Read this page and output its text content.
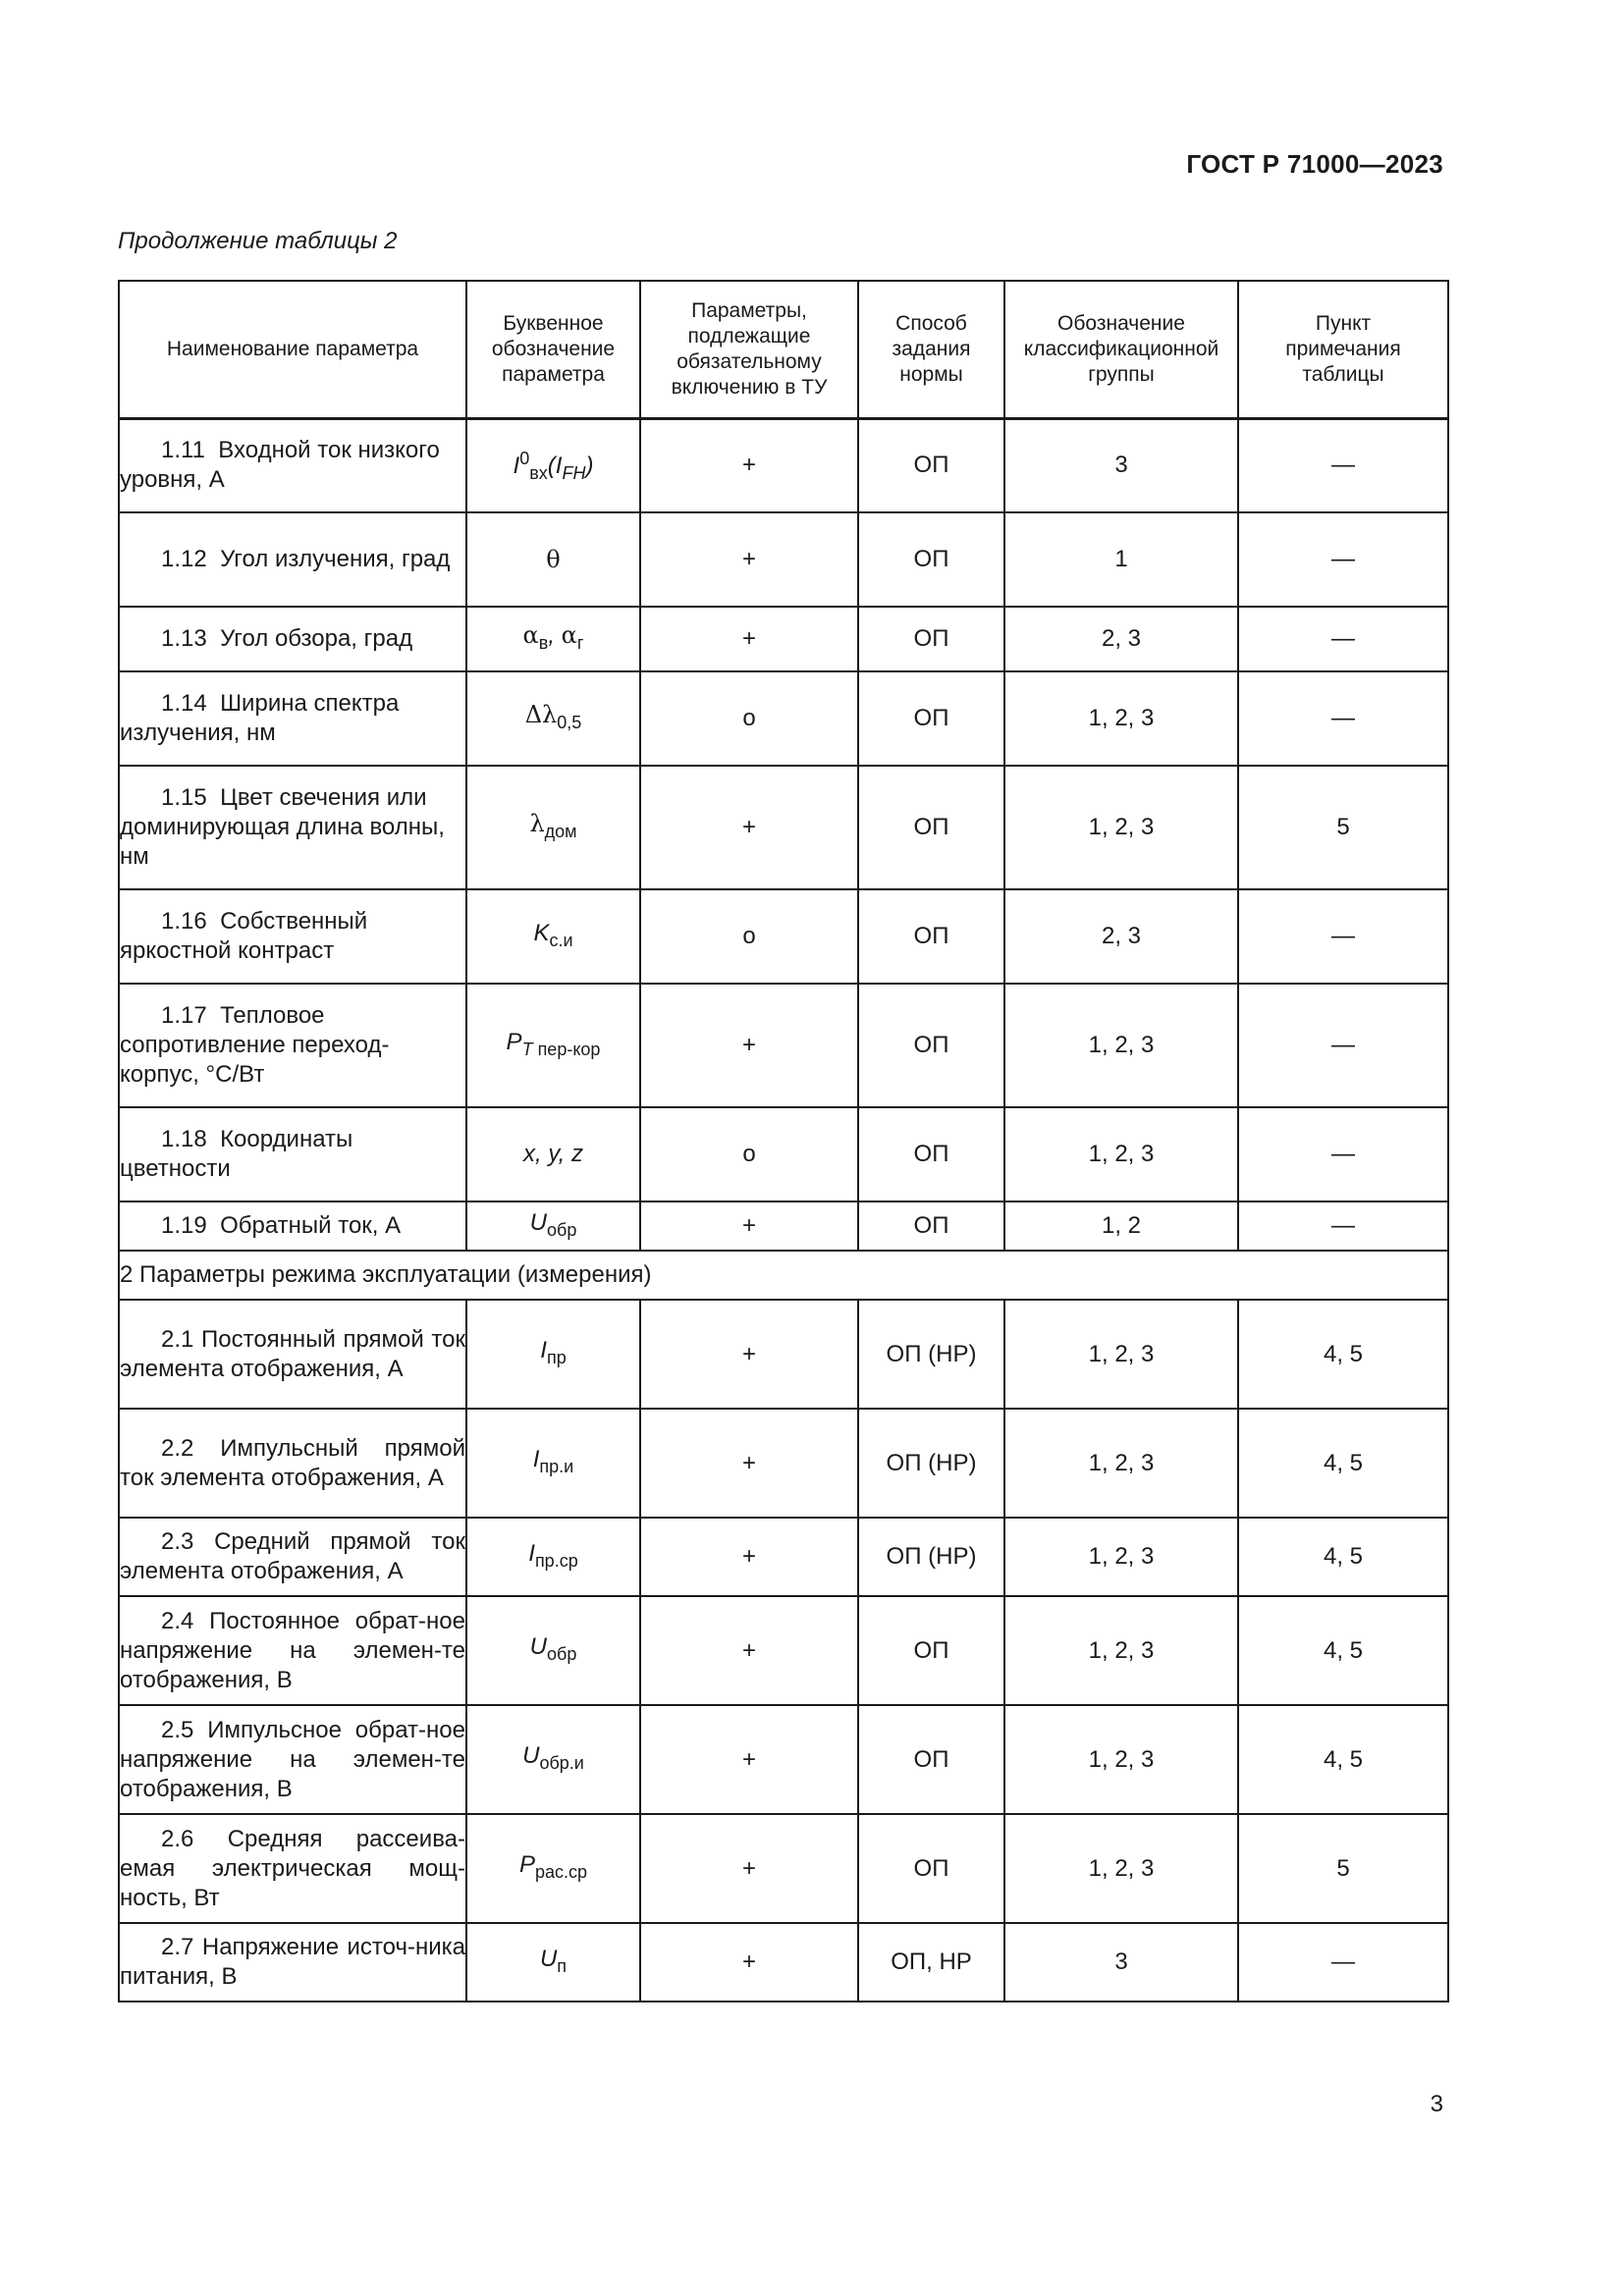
ГОСТ Р 71000—2023
Продолжение таблицы 2
Наименование параметра	Буквенное обозначение параметра	Параметры, подлежащие обязательному включению в ТУ	Способ задания нормы	Обозначение классификационной группы	Пункт примечания таблицы
1.11 Входной ток низкого уровня, А	$I^0_{вх}(I_{FH})$	+	ОП	3	—
1.12 Угол излучения, град	θ	+	ОП	1	—
1.13 Угол обзора, град	$\alpha_в$, $\alpha_г$	+	ОП	2, 3	—
1.14 Ширина спектра излучения, нм	$\Delta\lambda_{0,5}$	о	ОП	1, 2, 3	—
1.15 Цвет свечения или доминирующая длина волны, нм	$\lambda_{дом}$	+	ОП	1, 2, 3	5
1.16 Собственный яркостной контраст	$K_{с.и}$	о	ОП	2, 3	—
1.17 Тепловое сопротивление переход-корпус, °С/Вт	$P_{T пер-кор}$	+	ОП	1, 2, 3	—
1.18 Координаты цветности	x, y, z	о	ОП	1, 2, 3	—
1.19 Обратный ток, А	$U_{обр}$	+	ОП	1, 2	—
2 Параметры режима эксплуатации (измерения)					
2.1 Постоянный прямой ток элемента отображения, А	$I_{пр}$	+	ОП (НР)	1, 2, 3	4, 5
2.2 Импульсный прямой ток элемента отображения, А	$I_{пр.и}$	+	ОП (НР)	1, 2, 3	4, 5
2.3 Средний прямой ток элемента отображения, А	$I_{пр.ср}$	+	ОП (НР)	1, 2, 3	4, 5
2.4 Постоянное обрат-ное напряжение на элемен-те отображения, В	$U_{обр}$	+	ОП	1, 2, 3	4, 5
2.5 Импульсное обрат-ное напряжение на элемен-те отображения, В	$U_{обр.и}$	+	ОП	1, 2, 3	4, 5
2.6 Средняя рассеива-емая электрическая мощ-ность, Вт	$P_{рас.ср}$	+	ОП	1, 2, 3	5
2.7 Напряжение источ-ника питания, В	$U_п$	+	ОП, НР	3	—
3
